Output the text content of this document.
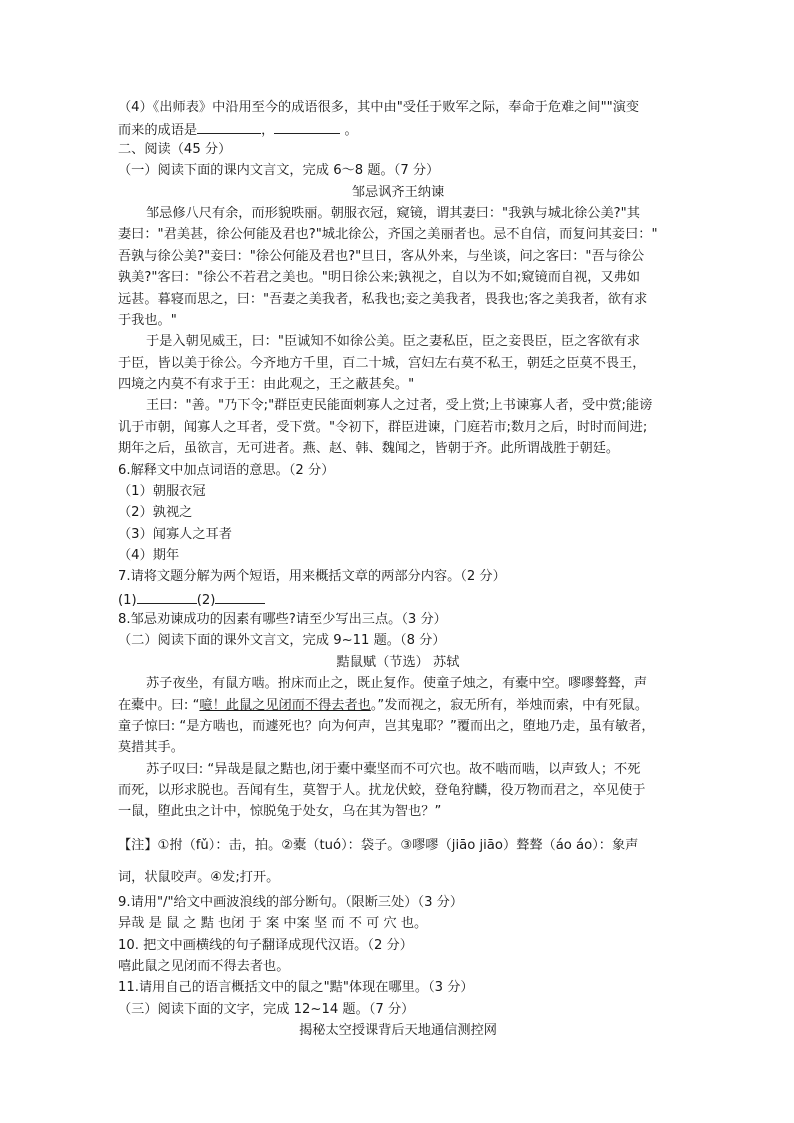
（4）《出师表》中沿用至今的成语很多，其中由"受任于败军之际，奉命于危难之间""演变
而来的成语是	，	。
二、阅读（45 分）
（一）阅读下面的课内文言文，完成 6～8 题。（7 分）
邹忌讽齐王纳谏
邹忌修八尺有余，而形貌昳丽。朝服衣冠，窥镜，谓其妻曰："我孰与城北徐公美?"其
妻曰："君美甚，徐公何能及君也?"城北徐公，齐国之美丽者也。忌不自信，而复问其妾曰："
吾孰与徐公美?"妾曰："徐公何能及君也?"旦日，客从外来，与坐谈，问之客曰："吾与徐公
孰美?"客曰："徐公不若君之美也。"明日徐公来;孰视之，自以为不如;窥镜而自视，又弗如
远甚。暮寝而思之，曰："吾妻之美我者，私我也;妾之美我者，畏我也;客之美我者，欲有求
于我也。"
于是入朝见威王，曰："臣诚知不如徐公美。臣之妻私臣，臣之妾畏臣，臣之客欲有求
于臣，皆以美于徐公。今齐地方千里，百二十城，宫妇左右莫不私王，朝廷之臣莫不畏王，
四境之内莫不有求于王：由此观之，王之蔽甚矣。"
王曰："善。"乃下令;"群臣吏民能面刺寡人之过者，受上赏;上书谏寡人者，受中赏;能谤
讥于市朝，闻寡人之耳者，受下赏。"令初下，群臣进谏，门庭若市;数月之后，时时而间进;
期年之后，虽欲言，无可进者。燕、赵、韩、魏闻之，皆朝于齐。此所谓战胜于朝廷。
6.解释文中加点词语的意思。（2 分）
（1）朝服衣冠
（2）孰视之
（3）闻寡人之耳者
（4）期年
7.请将文题分解为两个短语，用来概括文章的两部分内容。（2 分）
(1)	(2)
8.邹忌劝谏成功的因素有哪些?请至少写出三点。（3 分）
（二）阅读下面的课外文言文，完成 9~11 题。（8 分）
黠鼠赋（节选） 苏轼
苏子夜坐，有鼠方啮。拊床而止之，既止复作。使童子烛之，有橐中空。嘐嘐聱聱，声
在橐中。曰: “噫！此鼠之见闭而不得去者也。”发而视之，寂无所有，举烛而索，中有死鼠。
童子惊曰: “是方啮也，而遽死也？向为何声，岂其鬼耶？”覆而出之，堕地乃走，虽有敏者，
莫措其手。
苏子叹曰: “异哉是鼠之黠也,闭于橐中橐坚而不可穴也。故不啮而啮，以声致人；不死
而死，以形求脱也。吾闻有生，莫智于人。扰龙伏蛟，登龟狩麟，役万物而君之，卒见使于
一鼠，堕此虫之计中，惊脱兔于处女，乌在其为智也？”
【注】①拊（fǔ）：击，拍。②橐（tuó）：袋子。③嘐嘐（jiāo jiāo）聱聱（áo áo）：象声
词，状鼠咬声。④发;打开。
9.请用"/"给文中画波浪线的部分断句。（限断三处）（3 分）
异哉 是 鼠 之 黠 也闭 于 案 中案 坚 而 不 可 穴 也。
10. 把文中画横线的句子翻译成现代汉语。（2 分）
嘻此鼠之见闭而不得去者也。
11.请用自己的语言概括文中的鼠之"黠"体现在哪里。（3 分）
（三）阅读下面的文字，完成 12~14 题。（7 分）
揭秘太空授课背后天地通信测控网
